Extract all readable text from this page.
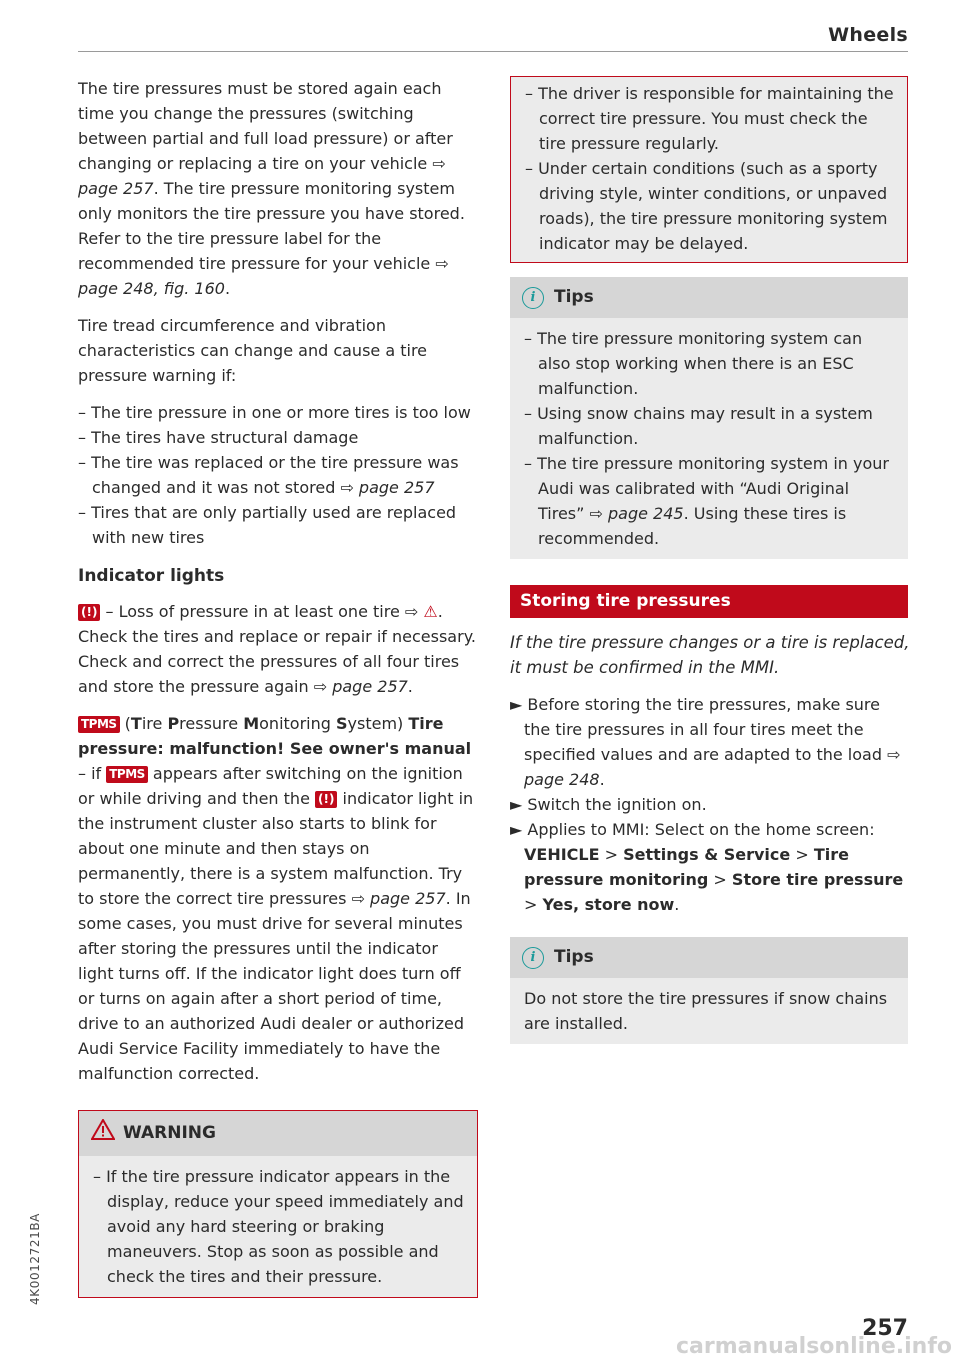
Wheels

The tire pressures must be stored again each time you change the pressures (switching between partial and full load pressure) or after changing or replacing a tire on your vehicle ⇨ page 257. The tire pressure monitoring system only monitors the tire pressure you have stored. Refer to the tire pressure label for the recommended tire pressure for your vehicle ⇨ page 248, fig. 160.

Tire tread circumference and vibration characteristics can change and cause a tire pressure warning if:

– The tire pressure in one or more tires is too low

– The tires have structural damage

– The tire was replaced or the tire pressure was changed and it was not stored ⇨ page 257

– Tires that are only partially used are replaced with new tires

Indicator lights

(!) – Loss of pressure in at least one tire ⇨ ⚠. Check the tires and replace or repair if necessary. Check and correct the pressures of all four tires and store the pressure again ⇨ page 257.

TPMS (Tire Pressure Monitoring System) Tire pressure: malfunction! See owner's manual – if TPMS appears after switching on the ignition or while driving and then the (!) indicator light in the instrument cluster also starts to blink for about one minute and then stays on permanently, there is a system malfunction. Try to store the correct tire pressures ⇨ page 257. In some cases, you must drive for several minutes after storing the pressures until the indicator light turns off. If the indicator light does turn off or turns on again after a short period of time, drive to an authorized Audi dealer or authorized Audi Service Facility immediately to have the malfunction corrected.

WARNING

– If the tire pressure indicator appears in the display, reduce your speed immediately and avoid any hard steering or braking maneuvers. Stop as soon as possible and check the tires and their pressure.

– The driver is responsible for maintaining the correct tire pressure. You must check the tire pressure regularly.

– Under certain conditions (such as a sporty driving style, winter conditions, or unpaved roads), the tire pressure monitoring system indicator may be delayed.

i	Tips

– The tire pressure monitoring system can also stop working when there is an ESC malfunction.

– Using snow chains may result in a system malfunction.

– The tire pressure monitoring system in your Audi was calibrated with “Audi Original Tires” ⇨ page 245. Using these tires is recommended.

Storing tire pressures

If the tire pressure changes or a tire is replaced, it must be confirmed in the MMI.

► Before storing the tire pressures, make sure the tire pressures in all four tires meet the specified values and are adapted to the load ⇨ page 248.

► Switch the ignition on.

► Applies to MMI: Select on the home screen: VEHICLE > Settings & Service > Tire pressure monitoring > Store tire pressure > Yes, store now.

i	Tips

Do not store the tire pressures if snow chains are installed.

4K0012721BA
257
carmanualsonline.info
